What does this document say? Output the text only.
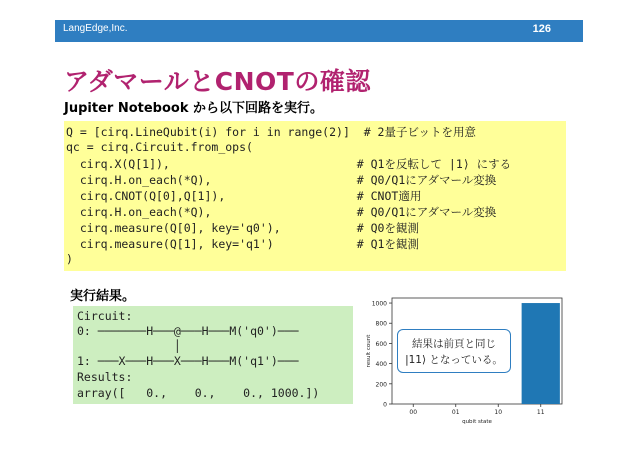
LangEdge,Inc.	126
アダマールとCNOTの確認
Jupiter Notebook から以下回路を実行。
Q = [cirq.LineQubit(i) for i in range(2)]  # 2量子ビットを用意
qc = cirq.Circuit.from_ops(
cirq.X(Q[1]),                           # Q1を反転して |1⟩ にする
cirq.H.on_each(*Q),                     # Q0/Q1にアダマール変換
cirq.CNOT(Q[0],Q[1]),                   # CNOT適用
cirq.H.on_each(*Q),                     # Q0/Q1にアダマール変換
cirq.measure(Q[0], key='q0'),           # Q0を観測
cirq.measure(Q[1], key='q1')            # Q1を観測
)
実行結果。
Circuit:
0: ───────H───@───H───M('q0')───
│
1: ───X───H───X───H───M('q1')───
Results:
array([   0.,    0.,    0., 1000.])
0
200
400
600
800
1000
00	01	10	11
qubit state
result count	結果は前頁と同じ
|11⟩ となっている。
